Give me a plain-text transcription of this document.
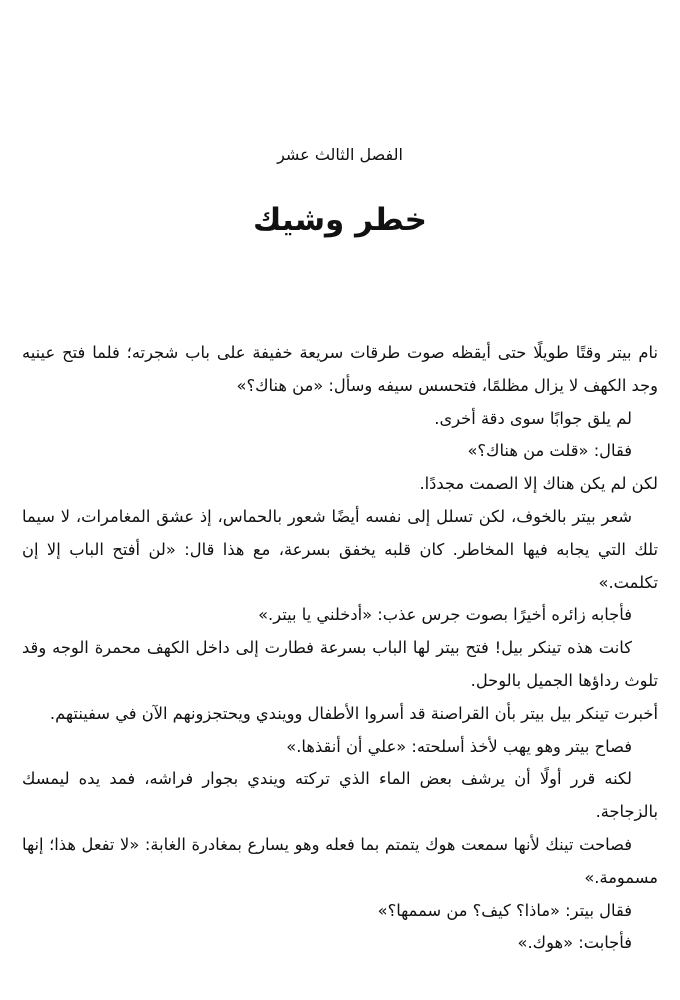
الفصل الثالث عشر
خطر وشيك

نام بيتر وقتًا طويلًا حتى أيقظه صوت طرقات سريعة خفيفة على باب شجرته؛ فلما فتح عينيه وجد الكهف لا يزال مظلمًا، فتحسس سيفه وسأل: «من هناك؟»

لم يلق جوابًا سوى دقة أخرى.

فقال: «قلت من هناك؟»

لكن لم يكن هناك إلا الصمت مجددًا.

شعر بيتر بالخوف، لكن تسلل إلى نفسه أيضًا شعور بالحماس، إذ عشق المغامرات، لا سيما تلك التي يجابه فيها المخاطر. كان قلبه يخفق بسرعة، مع هذا قال: «لن أفتح الباب إلا إن تكلمت.»

فأجابه زائره أخيرًا بصوت جرس عذب: «أدخلني يا بيتر.»

كانت هذه تينكر بيل! فتح بيتر لها الباب بسرعة فطارت إلى داخل الكهف محمرة الوجه وقد تلوث رداؤها الجميل بالوحل.

أخبرت تينكر بيل بيتر بأن القراصنة قد أسروا الأطفال وويندي ويحتجزونهم الآن في سفينتهم.

فصاح بيتر وهو يهب لأخذ أسلحته: «علي أن أنقذها.»

لكنه قرر أولًا أن يرشف بعض الماء الذي تركته ويندي بجوار فراشه، فمد يده ليمسك بالزجاجة.

فصاحت تينك لأنها سمعت هوك يتمتم بما فعله وهو يسارع بمغادرة الغابة: «لا تفعل هذا؛ إنها مسمومة.»

فقال بيتر: «ماذا؟ كيف؟ من سممها؟»

فأجابت: «هوك.»
